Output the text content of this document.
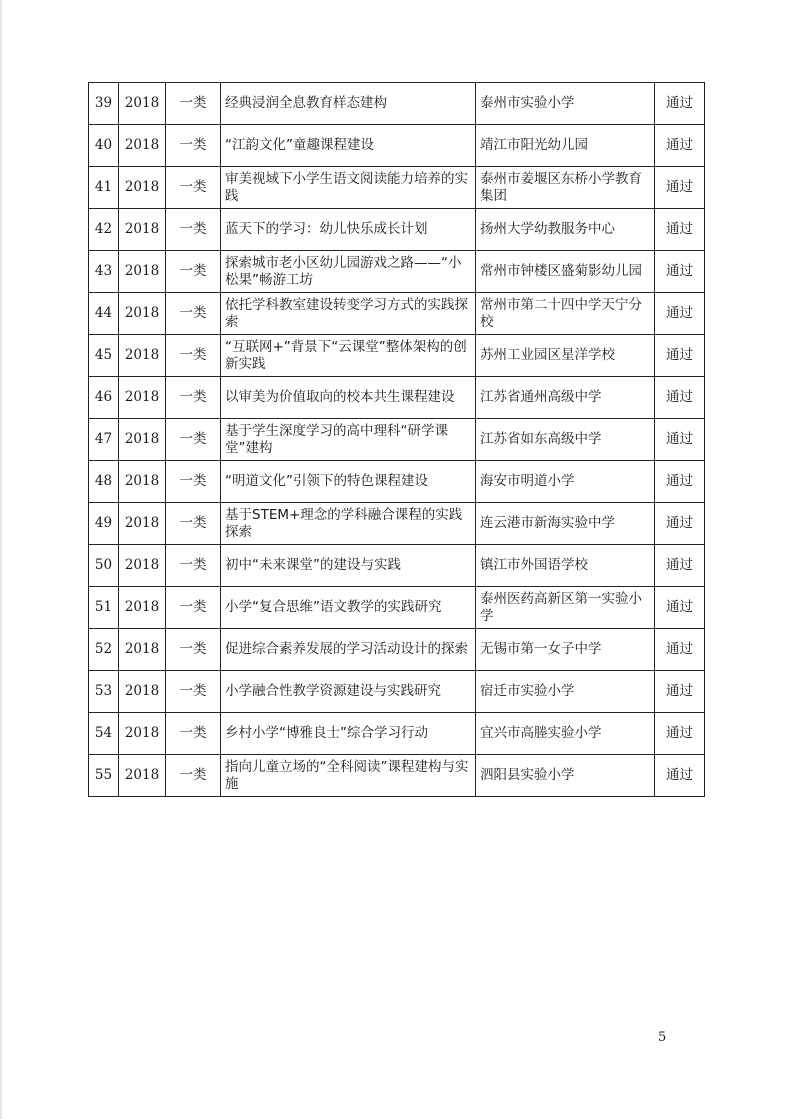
39	2018	一类	经典浸润全息教育样态建构	泰州市实验小学	通过
40	2018	一类	“江韵文化”童趣课程建设	靖江市阳光幼儿园	通过
41	2018	一类	审美视域下小学生语文阅读能力培养的实践	泰州市姜堰区东桥小学教育集团	通过
42	2018	一类	蓝天下的学习：幼儿快乐成长计划	扬州大学幼教服务中心	通过
43	2018	一类	探索城市老小区幼儿园游戏之路——“小松果”畅游工坊	常州市钟楼区盛菊影幼儿园	通过
44	2018	一类	依托学科教室建设转变学习方式的实践探索	常州市第二十四中学天宁分校	通过
45	2018	一类	“互联网+”背景下“云课堂”整体架构的创新实践	苏州工业园区星洋学校	通过
46	2018	一类	以审美为价值取向的校本共生课程建设	江苏省通州高级中学	通过
47	2018	一类	基于学生深度学习的高中理科“研学课堂”建构	江苏省如东高级中学	通过
48	2018	一类	“明道文化”引领下的特色课程建设	海安市明道小学	通过
49	2018	一类	基于STEM+理念的学科融合课程的实践探索	连云港市新海实验中学	通过
50	2018	一类	初中“未来课堂”的建设与实践	镇江市外国语学校	通过
51	2018	一类	小学“复合思维”语文教学的实践研究	泰州医药高新区第一实验小学	通过
52	2018	一类	促进综合素养发展的学习活动设计的探索	无锡市第一女子中学	通过
53	2018	一类	小学融合性教学资源建设与实践研究	宿迁市实验小学	通过
54	2018	一类	乡村小学“博雅良士”综合学习行动	宜兴市高塍实验小学	通过
55	2018	一类	指向儿童立场的“全科阅读”课程建构与实施	泗阳县实验小学	通过
5
